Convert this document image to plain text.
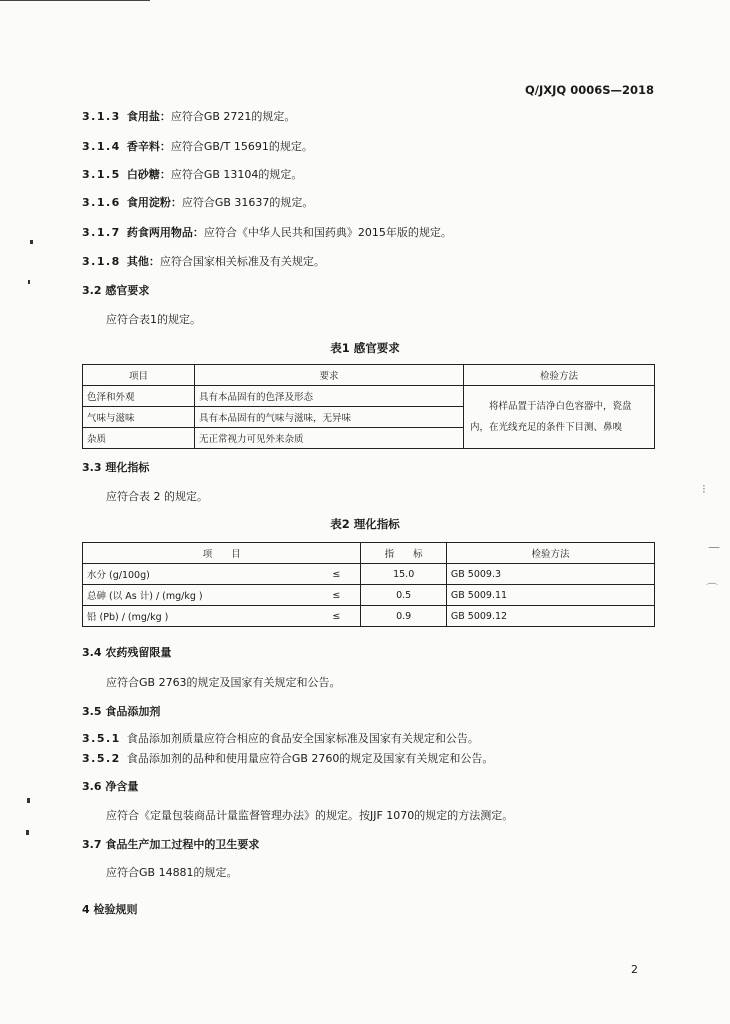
Q/JXJQ 0006S—2018
3.1.3 食用盐：应符合GB 2721的规定。
3.1.4 香辛料：应符合GB/T 15691的规定。
3.1.5 白砂糖：应符合GB 13104的规定。
3.1.6 食用淀粉：应符合GB 31637的规定。
3.1.7 药食两用物品：应符合《中华人民共和国药典》2015年版的规定。
3.1.8 其他：应符合国家相关标准及有关规定。
3.2 感官要求
应符合表1的规定。
表1 感官要求
项目	要求	检验方法
色泽和外观	具有本品固有的色泽及形态	将样品置于洁净白色容器中，瓷盘内，在光线充足的条件下目测、鼻嗅
气味与滋味	具有本品固有的气味与滋味，无异味	
杂质	无正常视力可见外来杂质	
3.3 理化指标
应符合表 2 的规定。
表2 理化指标
项　　目		指　　标	检验方法
水分 (g/100g)	≤	15.0	GB 5009.3
总砷 (以 As 计) / (mg/kg )	≤	0.5	GB 5009.11
铅 (Pb) / (mg/kg )	≤	0.9	GB 5009.12
3.4 农药残留限量
应符合GB 2763的规定及国家有关规定和公告。
3.5 食品添加剂
3.5.1 食品添加剂质量应符合相应的食品安全国家标准及国家有关规定和公告。
3.5.2 食品添加剂的品种和使用量应符合GB 2760的规定及国家有关规定和公告。
3.6 净含量
应符合《定量包装商品计量监督管理办法》的规定。按JJF 1070的规定的方法测定。
3.7 食品生产加工过程中的卫生要求
应符合GB 14881的规定。
4 检验规则
2
⁝
—
⌒
